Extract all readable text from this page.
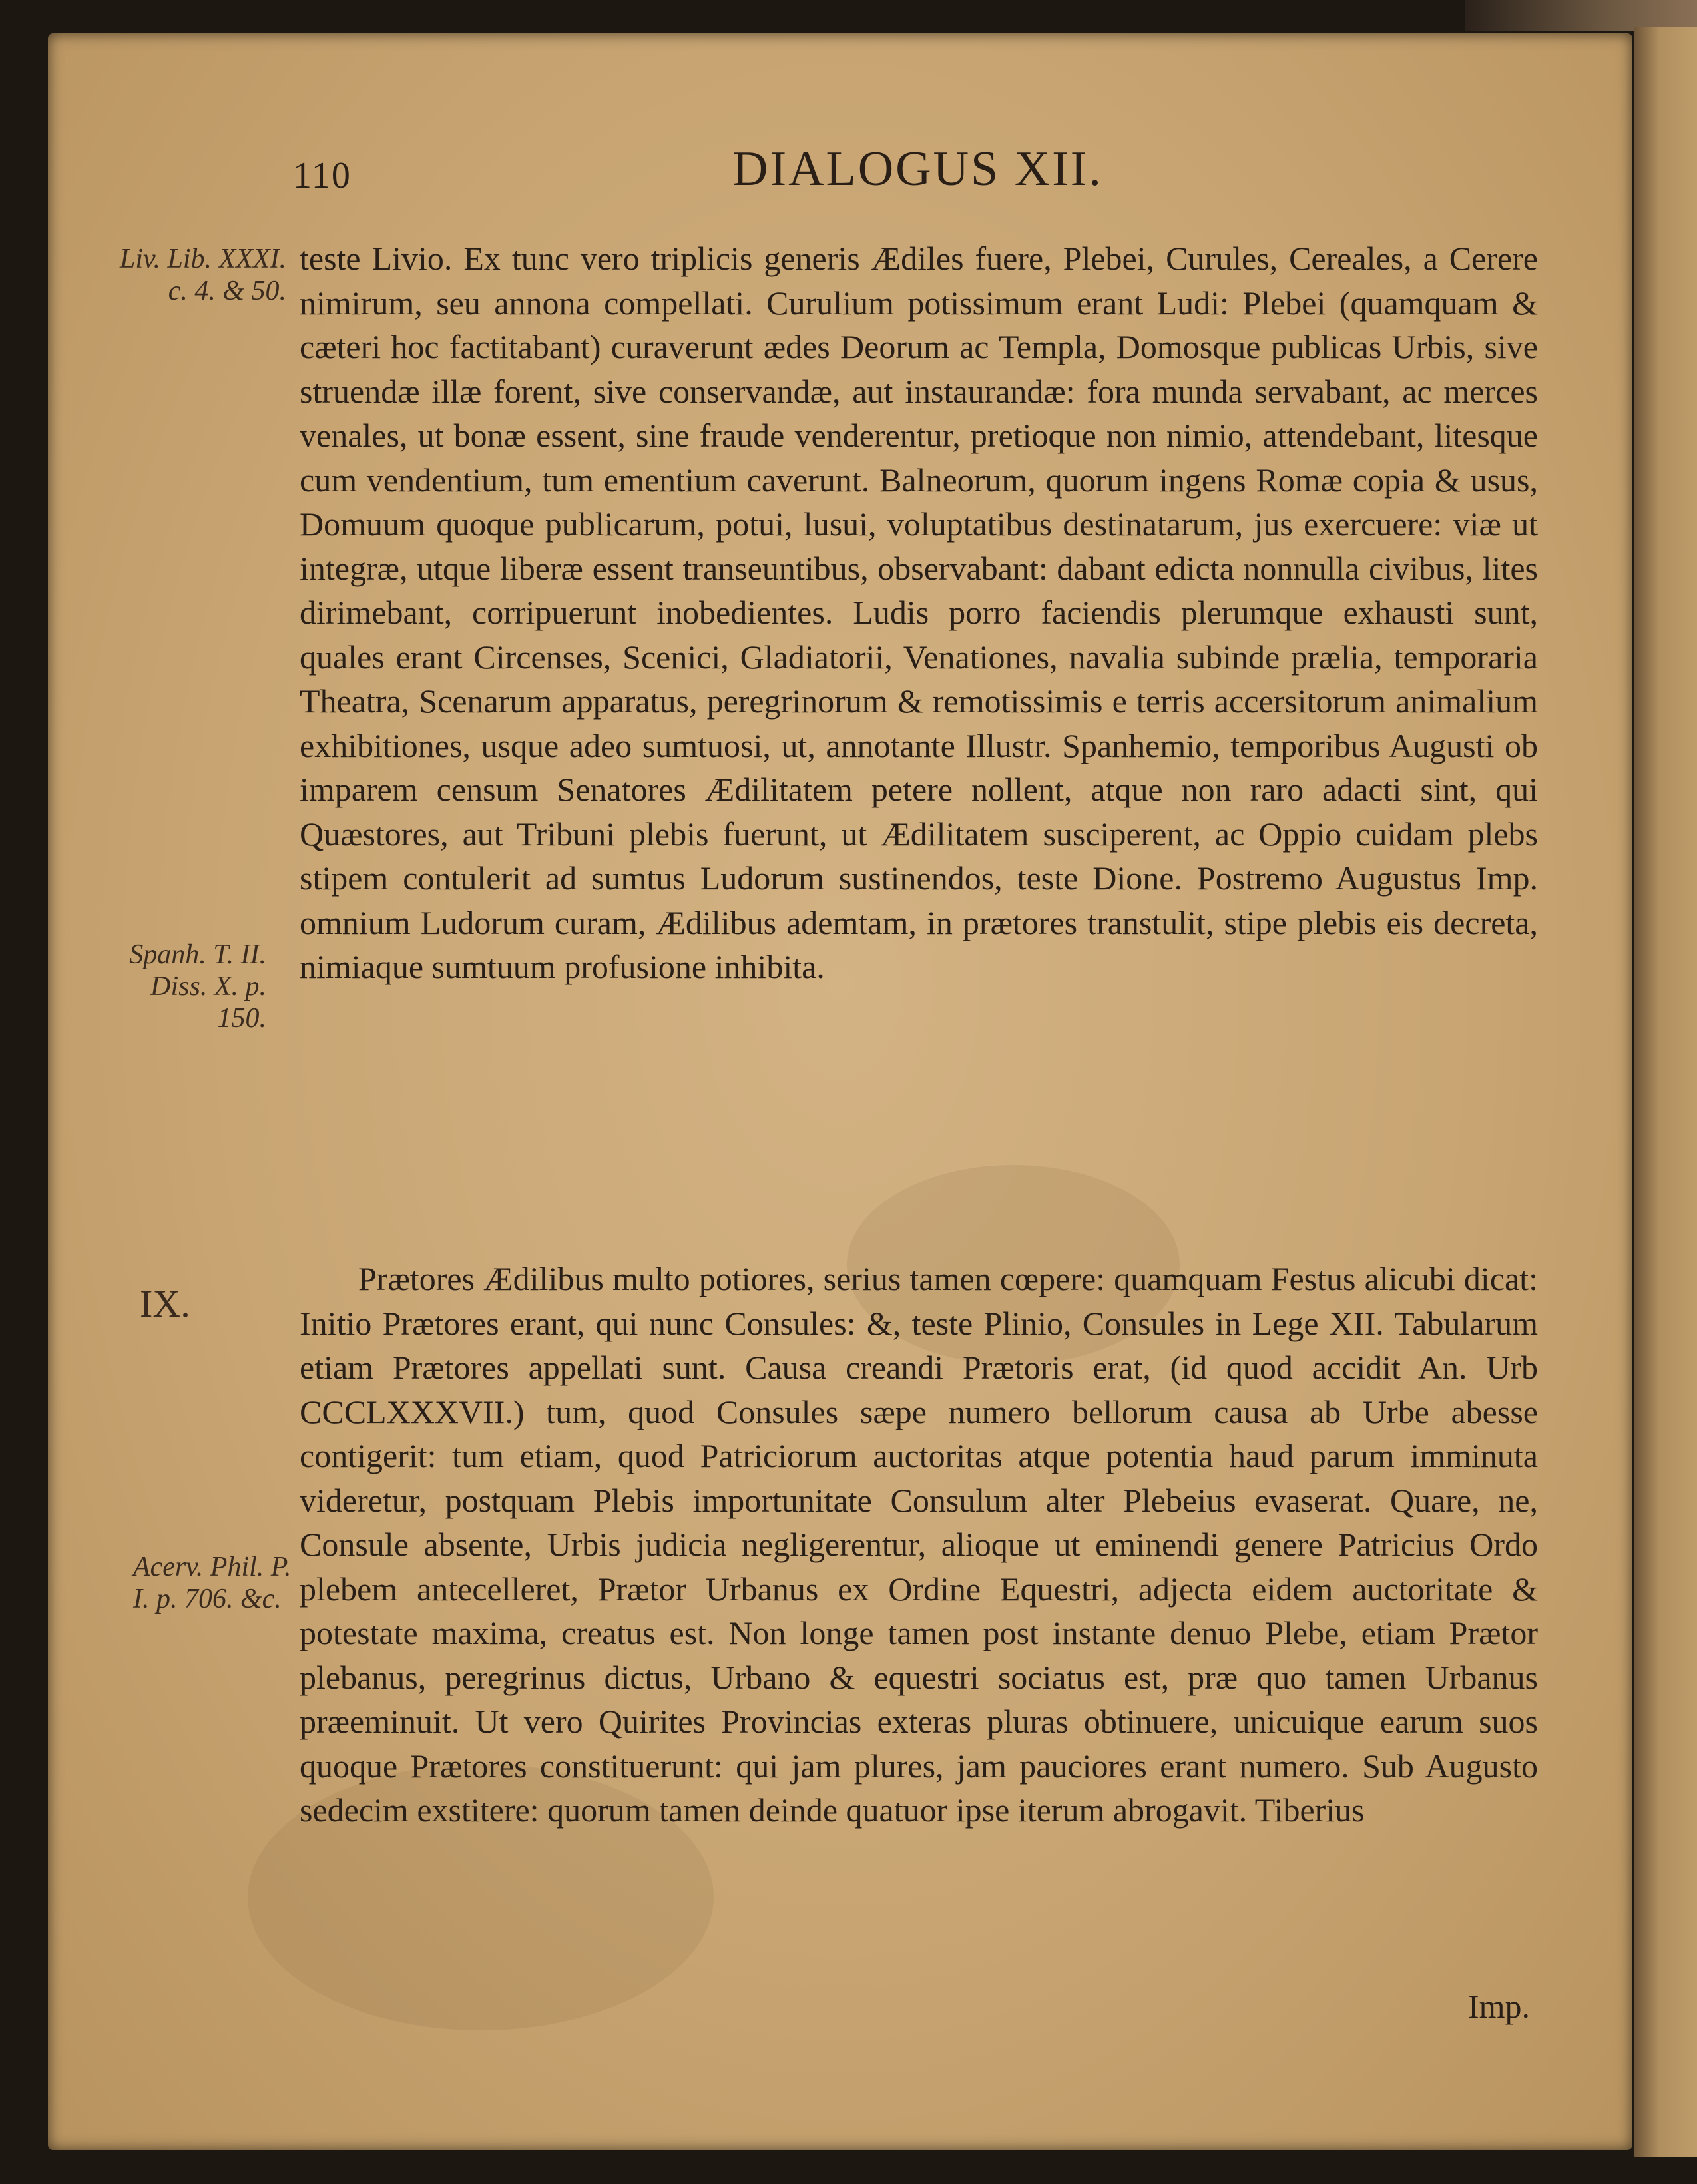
110	DIALOGUS XII.
Liv. Lib. XXXI. c. 4. & 50.
Spanh. T. II. Diss. X. p. 150.
IX.
Acerv. Phil. P. I. p. 706. &c.

teste Livio. Ex tunc vero triplicis generis Ædiles fuere, Plebei, Curules, Cereales, a Cerere nimirum, seu annona compellati. Curulium potissimum erant Ludi: Plebei (quamquam & cæteri hoc factitabant) curaverunt ædes Deorum ac Templa, Domosque publicas Urbis, sive struendæ illæ forent, sive conservandæ, aut instaurandæ: fora munda servabant, ac merces venales, ut bonæ essent, sine fraude venderentur, pretioque non nimio, attendebant, litesque cum vendentium, tum ementium caverunt. Balneorum, quorum ingens Romæ copia & usus, Domuum quoque publicarum, potui, lusui, voluptatibus destinatarum, jus exercuere: viæ ut integræ, utque liberæ essent transeuntibus, observabant: dabant edicta nonnulla civibus, lites dirimebant, corripuerunt inobedientes. Ludis porro faciendis plerumque exhausti sunt, quales erant Circenses, Scenici, Gladiatorii, Venationes, navalia subinde prælia, temporaria Theatra, Scenarum apparatus, peregrinorum & remotissimis e terris accersitorum animalium exhibitiones, usque adeo sumtuosi, ut, annotante Illustr. Spanhemio, temporibus Augusti ob imparem censum Senatores Ædilitatem petere nollent, atque non raro adacti sint, qui Quæstores, aut Tribuni plebis fuerunt, ut Ædilitatem susciperent, ac Oppio cuidam plebs stipem contulerit ad sumtus Ludorum sustinendos, teste Dione. Postremo Augustus Imp. omnium Ludorum curam, Ædilibus ademtam, in prætores transtulit, stipe plebis eis decreta, nimiaque sumtuum profusione inhibita.

Prætores Ædilibus multo potiores, serius tamen cœpere: quamquam Festus alicubi dicat: Initio Prætores erant, qui nunc Consules: &, teste Plinio, Consules in Lege XII. Tabularum etiam Prætores appellati sunt. Causa creandi Prætoris erat, (id quod accidit An. Urb CCCLXXXVII.) tum, quod Consules sæpe numero bellorum causa ab Urbe abesse contigerit: tum etiam, quod Patriciorum auctoritas atque potentia haud parum imminuta videretur, postquam Plebis importunitate Consulum alter Plebeius evaserat. Quare, ne, Consule absente, Urbis judicia negligerentur, alioque ut eminendi genere Patricius Ordo plebem antecelleret, Prætor Urbanus ex Ordine Equestri, adjecta eidem auctoritate & potestate maxima, creatus est. Non longe tamen post instante denuo Plebe, etiam Prætor plebanus, peregrinus dictus, Urbano & equestri sociatus est, præ quo tamen Urbanus præeminuit. Ut vero Quirites Provincias exteras pluras obtinuere, unicuique earum suos quoque Prætores constituerunt: qui jam plures, jam pauciores erant numero. Sub Augusto sedecim exstitere: quorum tamen deinde quatuor ipse iterum abrogavit. Tiberius

Imp.
